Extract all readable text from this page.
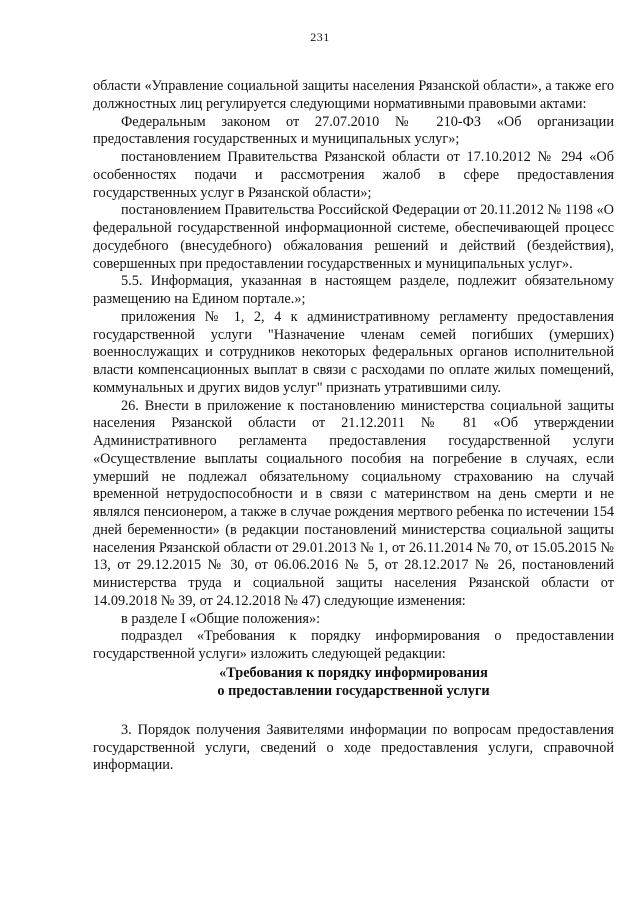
231

области «Управление социальной защиты населения Рязанской области», а также его должностных лиц регулируется следующими нормативными правовыми актами:

Федеральным законом от 27.07.2010 № 210-ФЗ «Об организации предоставления государственных и муниципальных услуг»;

постановлением Правительства Рязанской области от 17.10.2012 № 294 «Об особенностях подачи и рассмотрения жалоб в сфере предоставления государственных услуг в Рязанской области»;

постановлением Правительства Российской Федерации от 20.11.2012 № 1198 «О федеральной государственной информационной системе, обеспечивающей процесс досудебного (внесудебного) обжалования решений и действий (бездействия), совершенных при предоставлении государственных и муниципальных услуг».

5.5. Информация, указанная в настоящем разделе, подлежит обязательному размещению на Едином портале.»;

приложения № 1, 2, 4 к административному регламенту предоставления государственной услуги "Назначение членам семей погибших (умерших) военнослужащих и сотрудников некоторых федеральных органов исполнительной власти компенсационных выплат в связи с расходами по оплате жилых помещений, коммунальных и других видов услуг" признать утратившими силу.

26. Внести в приложение к постановлению министерства социальной защиты населения Рязанской области от 21.12.2011 № 81 «Об утверждении Административного регламента предоставления государственной услуги «Осуществление выплаты социального пособия на погребение в случаях, если умерший не подлежал обязательному социальному страхованию на случай временной нетрудоспособности и в связи с материнством на день смерти и не являлся пенсионером, а также в случае рождения мертвого ребенка по истечении 154 дней беременности» (в редакции постановлений министерства социальной защиты населения Рязанской области от 29.01.2013 № 1, от 26.11.2014 № 70, от 15.05.2015 № 13, от 29.12.2015 № 30, от 06.06.2016 № 5, от 28.12.2017 № 26, постановлений министерства труда и социальной защиты населения Рязанской области от 14.09.2018 № 39, от 24.12.2018 № 47) следующие изменения:

в разделе I «Общие положения»:

подраздел «Требования к порядку информирования о предоставлении государственной услуги» изложить следующей редакции:

«Требования к порядку информирования

о предоставлении государственной услуги

3. Порядок получения Заявителями информации по вопросам предоставления государственной услуги, сведений о ходе предоставления услуги, справочной информации.
